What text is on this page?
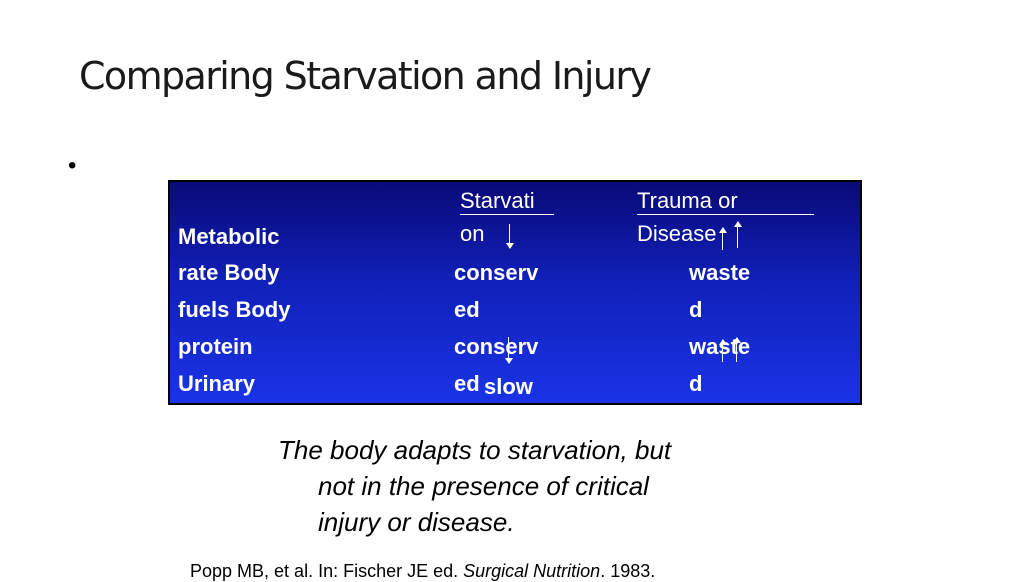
Comparing Starvation and Injury
•
Starvati
on
Trauma or
Disease
Metabolic
rate Body
fuels Body
protein
Urinary
conserv
ed
conserv
ed slow
waste
d
waste
d
The body adapts to starvation, but
not in the presence of critical
injury or disease.
Popp MB, et al. In: Fischer JE ed. Surgical Nutrition. 1983.
